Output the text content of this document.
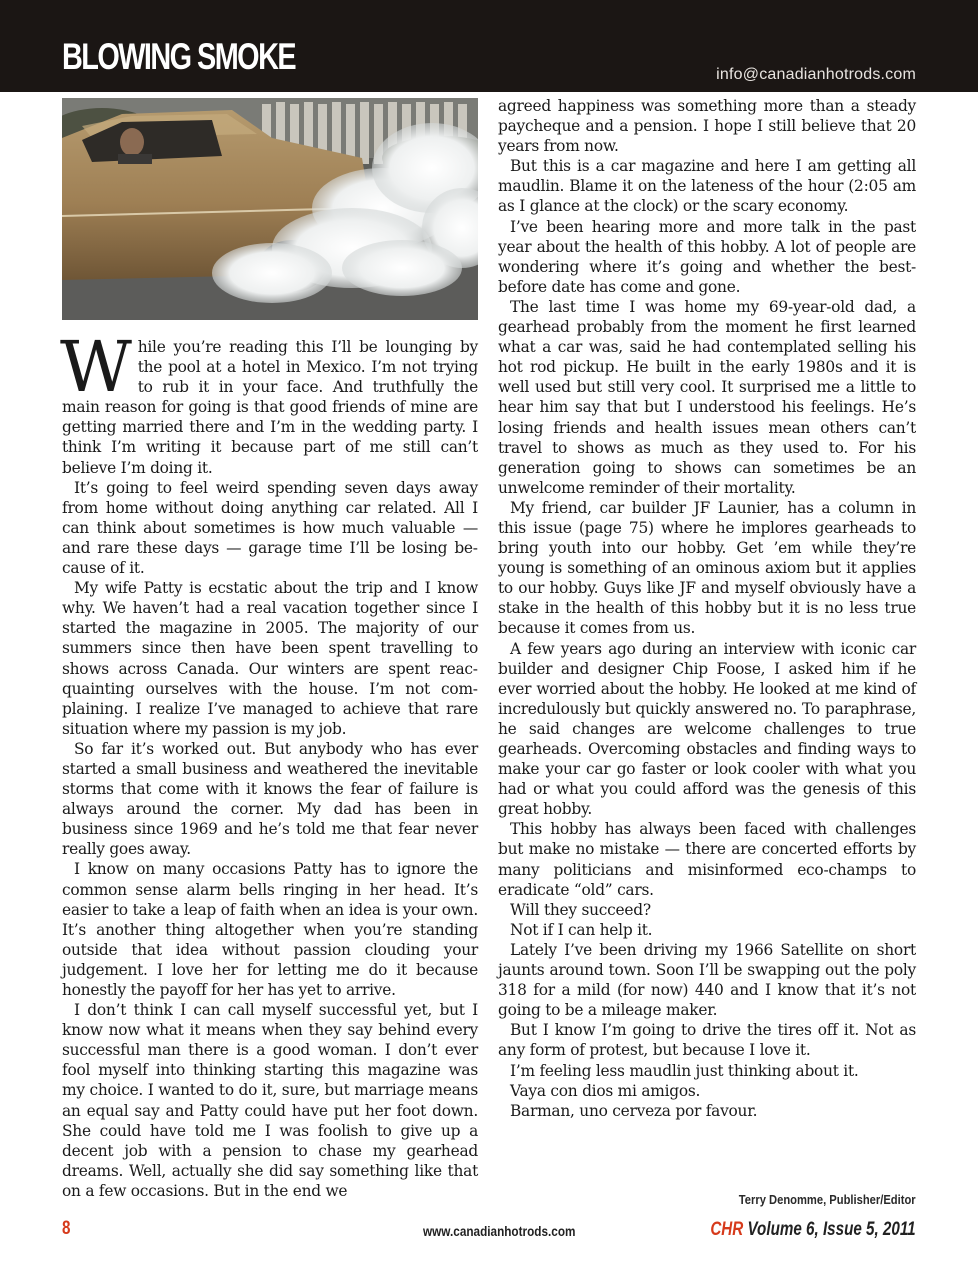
BLOWING SMOKE	info@canadianhotrods.com

While you’re reading this I’ll be lounging by the pool at a hotel in Mexico. I’m not trying to rub it in your face. And truthfully the main reason for going is that good friends of mine are getting married there and I’m in the wedding party. I think I’m writing it because part of me still can’t believe I’m doing it.

It’s going to feel weird spending seven days away from home without doing anything car related. All I can think about sometimes is how much valuable — and rare these days — garage time I’ll be losing because of it.

My wife Patty is ecstatic about the trip and I know why. We haven’t had a real vacation together since I started the magazine in 2005. The majority of our summers since then have been spent travelling to shows across Canada. Our winters are spent reacquainting ourselves with the house. I’m not complaining. I realize I’ve managed to achieve that rare situation where my passion is my job.

So far it’s worked out. But anybody who has ever started a small business and weathered the inevitable storms that come with it knows the fear of failure is always around the corner. My dad has been in business since 1969 and he’s told me that fear never really goes away.

I know on many occasions Patty has to ignore the common sense alarm bells ringing in her head. It’s easier to take a leap of faith when an idea is your own. It’s another thing altogether when you’re standing outside that idea without passion clouding your judgement. I love her for letting me do it because honestly the payoff for her has yet to arrive.

I don’t think I can call myself successful yet, but I know now what it means when they say behind every successful man there is a good woman. I don’t ever fool myself into thinking starting this magazine was my choice. I wanted to do it, sure, but marriage means an equal say and Patty could have put her foot down. She could have told me I was foolish to give up a decent job with a pension to chase my gearhead dreams. Well, actually she did say something like that on a few occasions. But in the end we

agreed happiness was something more than a steady paycheque and a pension. I hope I still believe that 20 years from now.

But this is a car magazine and here I am getting all maudlin. Blame it on the lateness of the hour (2:05 am as I glance at the clock) or the scary economy.

I’ve been hearing more and more talk in the past year about the health of this hobby. A lot of people are wondering where it’s going and whether the best-before date has come and gone.

The last time I was home my 69-year-old dad, a gearhead probably from the moment he first learned what a car was, said he had contemplated selling his hot rod pickup. He built in the early 1980s and it is well used but still very cool. It surprised me a little to hear him say that but I understood his feelings. He’s losing friends and health issues mean others can’t travel to shows as much as they used to. For his generation going to shows can sometimes be an unwelcome reminder of their mortality.

My friend, car builder JF Launier, has a column in this issue (page 75) where he implores gearheads to bring youth into our hobby. Get ’em while they’re young is something of an ominous axiom but it applies to our hobby. Guys like JF and myself obviously have a stake in the health of this hobby but it is no less true because it comes from us.

A few years ago during an interview with iconic car builder and designer Chip Foose, I asked him if he ever worried about the hobby. He looked at me kind of incredulously but quickly answered no. To paraphrase, he said changes are welcome challenges to true gearheads. Overcoming obstacles and finding ways to make your car go faster or look cooler with what you had or what you could afford was the genesis of this great hobby.

This hobby has always been faced with challenges but make no mistake — there are concerted efforts by many politicians and misinformed eco-champs to eradicate “old” cars.

Will they succeed?

Not if I can help it.

Lately I’ve been driving my 1966 Satellite on short jaunts around town. Soon I’ll be swapping out the poly 318 for a mild (for now) 440 and I know that it’s not going to be a mileage maker.

But I know I’m going to drive the tires off it. Not as any form of protest, but because I love it.

I’m feeling less maudlin just thinking about it.

Vaya con dios mi amigos.

Barman, uno cerveza por favour.

Terry Denomme, Publisher/Editor
8	www.canadianhotrods.com	CHR Volume 6, Issue 5, 2011
